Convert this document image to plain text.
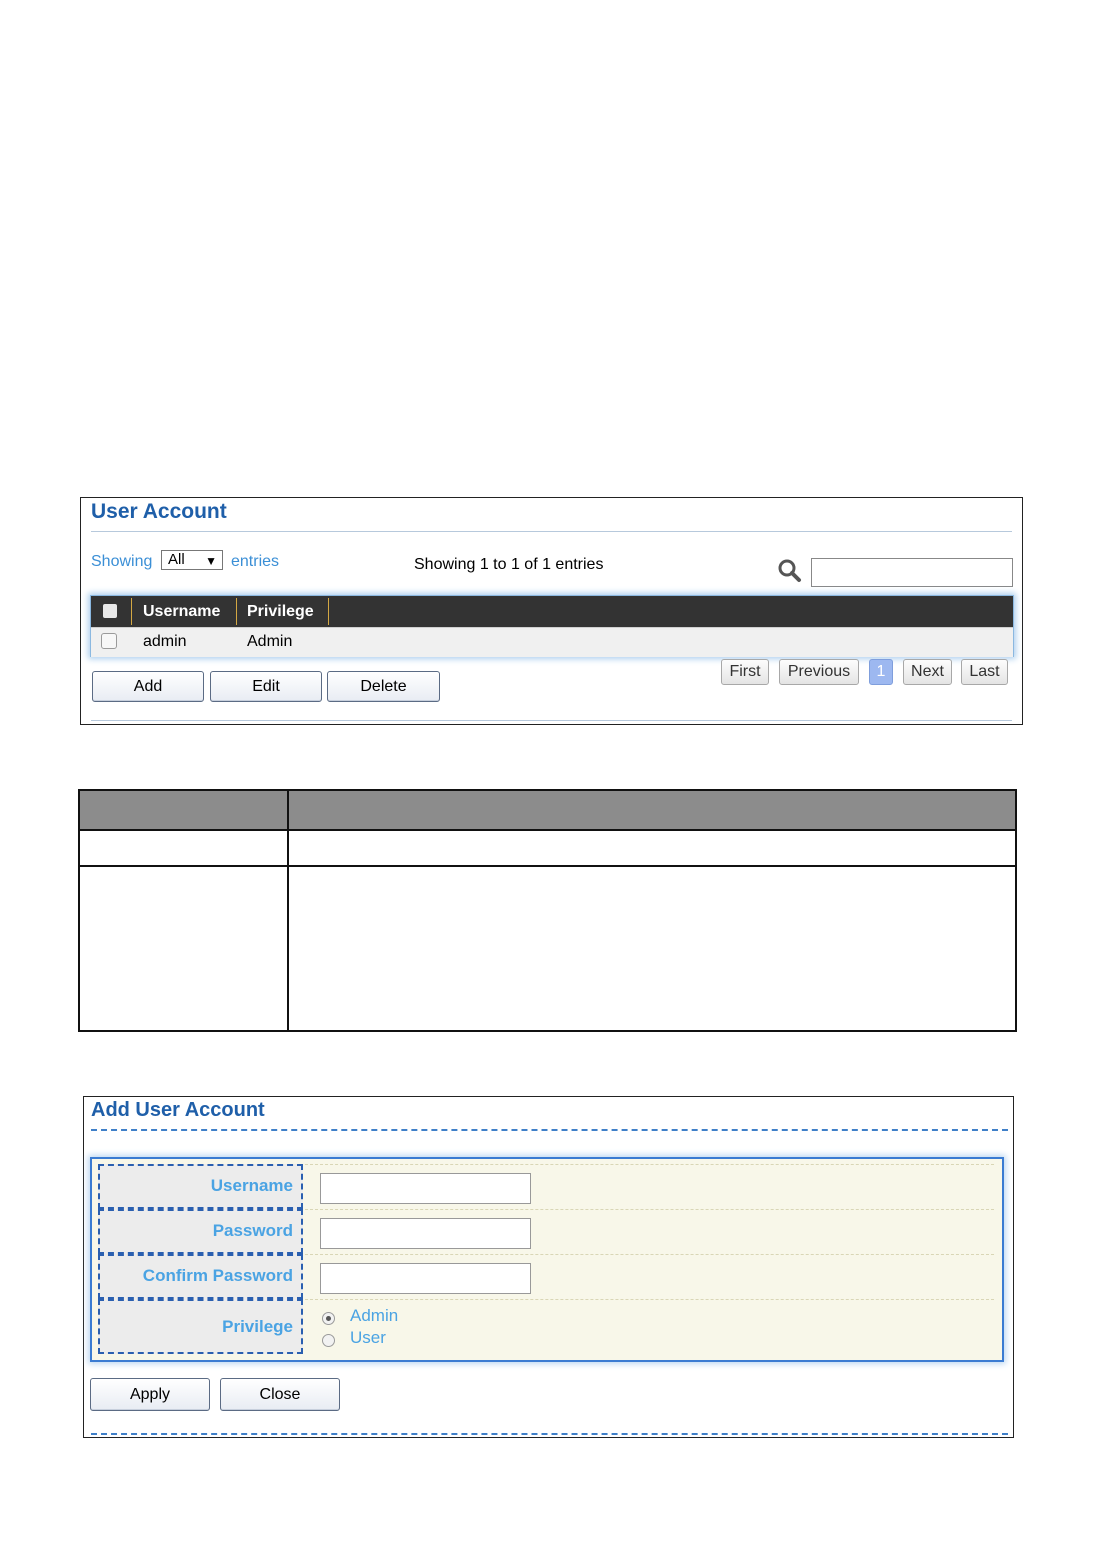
User Account
Showing All ▼ entries	Showing 1 to 1 of 1 entries
Username Privilege
admin	Admin
Add	Edit	Delete
First	Previous	1	Next	Last
Add User Account
Username
Password
Confirm Password
Privilege
Admin
User
Apply	Close
